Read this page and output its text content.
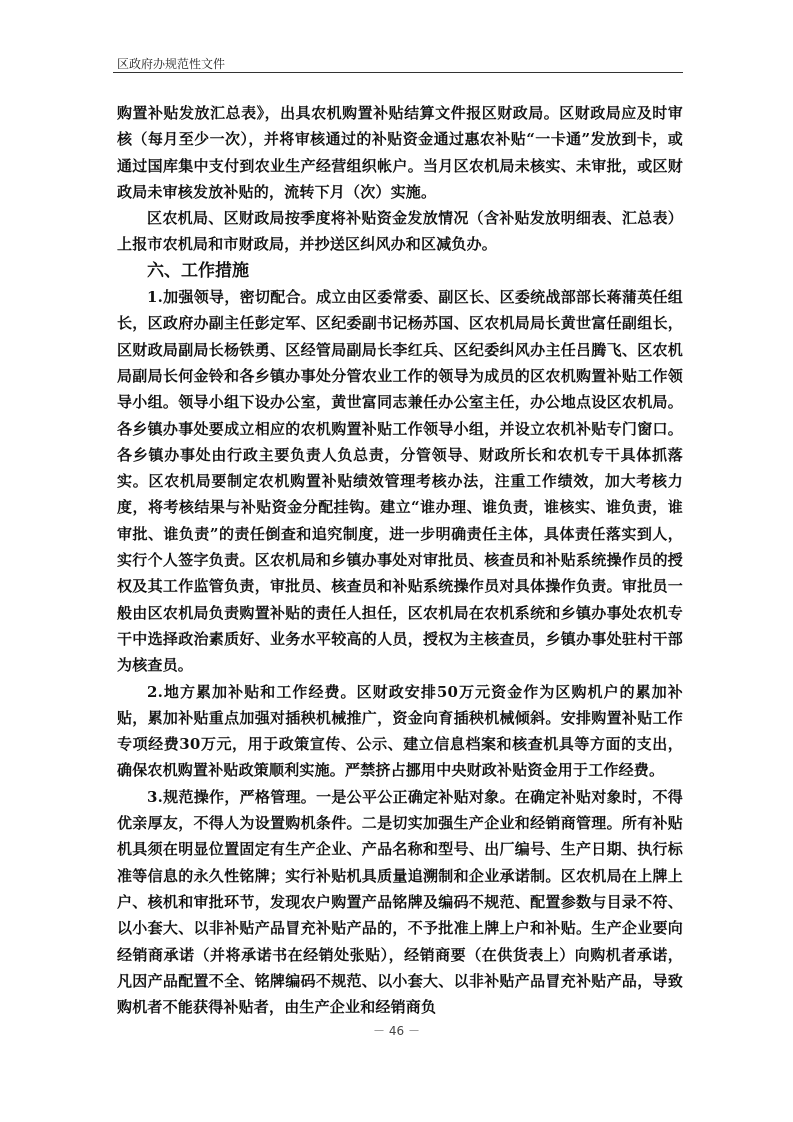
区政府办规范性文件

购置补贴发放汇总表》，出具农机购置补贴结算文件报区财政局。区财政局应及时审核（每月至少一次），并将审核通过的补贴资金通过惠农补贴“一卡通”发放到卡，或通过国库集中支付到农业生产经营组织帐户。当月区农机局未核实、未审批，或区财政局未审核发放补贴的，流转下月（次）实施。

区农机局、区财政局按季度将补贴资金发放情况（含补贴发放明细表、汇总表）上报市农机局和市财政局，并抄送区纠风办和区减负办。

六、工作措施

1.加强领导，密切配合。成立由区委常委、副区长、区委统战部部长蒋蒲英任组长，区政府办副主任彭定军、区纪委副书记杨苏国、区农机局局长黄世富任副组长，区财政局副局长杨铁勇、区经管局副局长李红兵、区纪委纠风办主任吕腾飞、区农机局副局长何金铃和各乡镇办事处分管农业工作的领导为成员的区农机购置补贴工作领导小组。领导小组下设办公室，黄世富同志兼任办公室主任，办公地点设区农机局。各乡镇办事处要成立相应的农机购置补贴工作领导小组，并设立农机补贴专门窗口。各乡镇办事处由行政主要负责人负总责，分管领导、财政所长和农机专干具体抓落实。区农机局要制定农机购置补贴绩效管理考核办法，注重工作绩效，加大考核力度，将考核结果与补贴资金分配挂钩。建立“谁办理、谁负责，谁核实、谁负责，谁审批、谁负责”的责任倒查和追究制度，进一步明确责任主体，具体责任落实到人，实行个人签字负责。区农机局和乡镇办事处对审批员、核查员和补贴系统操作员的授权及其工作监管负责，审批员、核查员和补贴系统操作员对具体操作负责。审批员一般由区农机局负责购置补贴的责任人担任，区农机局在农机系统和乡镇办事处农机专干中选择政治素质好、业务水平较高的人员，授权为主核查员，乡镇办事处驻村干部为核查员。

2.地方累加补贴和工作经费。区财政安排50万元资金作为区购机户的累加补贴，累加补贴重点加强对插秧机械推广，资金向育插秧机械倾斜。安排购置补贴工作专项经费30万元，用于政策宣传、公示、建立信息档案和核查机具等方面的支出，确保农机购置补贴政策顺利实施。严禁挤占挪用中央财政补贴资金用于工作经费。

3.规范操作，严格管理。一是公平公正确定补贴对象。在确定补贴对象时，不得优亲厚友，不得人为设置购机条件。二是切实加强生产企业和经销商管理。所有补贴机具须在明显位置固定有生产企业、产品名称和型号、出厂编号、生产日期、执行标准等信息的永久性铭牌；实行补贴机具质量追溯制和企业承诺制。区农机局在上牌上户、核机和审批环节，发现农户购置产品铭牌及编码不规范、配置参数与目录不符、以小套大、以非补贴产品冒充补贴产品的，不予批准上牌上户和补贴。生产企业要向经销商承诺（并将承诺书在经销处张贴），经销商要（在供货表上）向购机者承诺，凡因产品配置不全、铭牌编码不规范、以小套大、以非补贴产品冒充补贴产品，导致购机者不能获得补贴者，由生产企业和经销商负

－ 46 －
